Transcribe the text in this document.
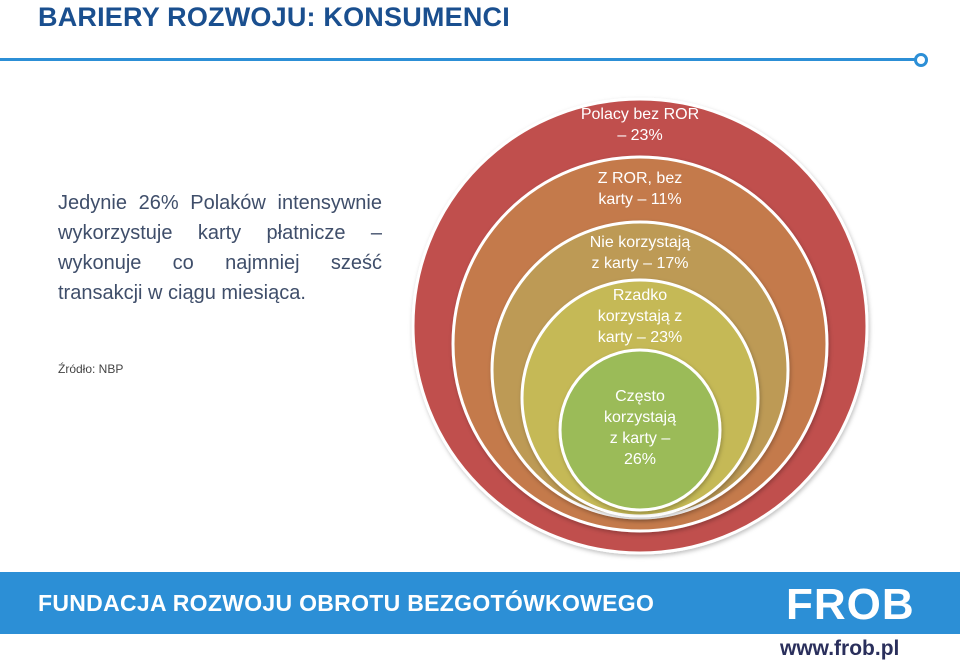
BARIERY ROZWOJU: KONSUMENCI
Jedynie 26% Polaków intensywnie wykorzystuje karty płatnicze – wykonuje co najmniej sześć transakcji w ciągu miesiąca.
Źródło: NBP
Polacy bez ROR
– 23%
Z ROR, bez
karty – 11%
Nie korzystają
z karty – 17%
Rzadko
korzystają z
karty – 23%
Często
korzystają
z karty –
26%
FUNDACJA ROZWOJU OBROTU BEZGOTÓWKOWEGO	FROB
www.frob.pl
